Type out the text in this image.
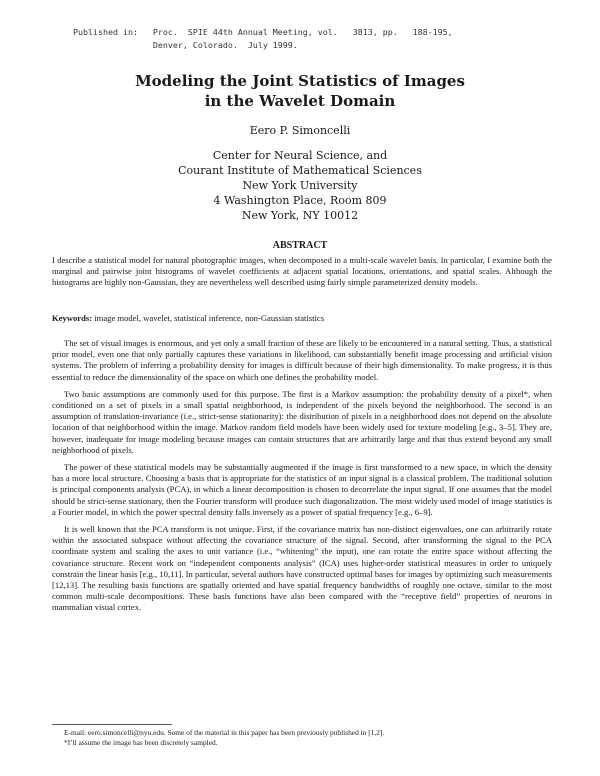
Published in:   Proc.  SPIE 44th Annual Meeting, vol.   3813, pp.   188-195,
Denver, Colorado.  July 1999.
Modeling the Joint Statistics of Images
in the Wavelet Domain
Eero P. Simoncelli
Center for Neural Science, and
Courant Institute of Mathematical Sciences
New York University
4 Washington Place, Room 809
New York, NY 10012
ABSTRACT

I describe a statistical model for natural photographic images, when decomposed in a multi-scale wavelet basis. In particular, I examine both the marginal and pairwise joint histograms of wavelet coefficients at adjacent spatial locations, orientations, and spatial scales. Although the histograms are highly non-Gaussian, they are nevertheless well described using fairly simple parameterized density models.

Keywords: image model, wavelet, statistical inference, non-Gaussian statistics

The set of visual images is enormous, and yet only a small fraction of these are likely to be encountered in a natural setting. Thus, a statistical prior model, even one that only partially captures these variations in likelihood, can substantially benefit image processing and artificial vision systems. The problem of inferring a probability density for images is difficult because of their high dimensionality. To make progress, it is thus essential to reduce the dimensionality of the space on which one defines the probability model.

Two basic assumptions are commonly used for this purpose. The first is a Markov assumption: the probability density of a pixel*, when conditioned on a set of pixels in a small spatial neighborhood, is independent of the pixels beyond the neighborhood. The second is an assumption of translation-invariance (i.e., strict-sense stationarity): the distribution of pixels in a neighborhood does not depend on the absolute location of that neighborhood within the image. Markov random field models have been widely used for texture modeling [e.g., 3–5]. They are, however, inadequate for image modeling because images can contain structures that are arbitrarily large and that thus extend beyond any small neighborhood of pixels.

The power of these statistical models may be substantially augmented if the image is first transformed to a new space, in which the density has a more local structure. Choosing a basis that is appropriate for the statistics of an input signal is a classical problem. The traditional solution is principal components analysis (PCA), in which a linear decomposition is chosen to decorrelate the input signal. If one assumes that the model should be strict-sense stationary, then the Fourier transform will produce such diagonalization. The most widely used model of image statistics is a Fourier model, in which the power spectral density falls inversely as a power of spatial frequency [e.g., 6–9].

It is well known that the PCA transform is not unique. First, if the covariance matrix has non-distinct eigenvalues, one can arbitrarily rotate within the associated subspace without affecting the covariance structure of the signal. Second, after transforming the signal to the PCA coordinate system and scaling the axes to unit variance (i.e., “whitening” the input), one can rotate the entire space without affecting the covariance structure. Recent work on “independent components analysis” (ICA) uses higher-order statistical measures in order to uniquely constrain the linear basis [e.g., 10,11]. In particular, several authors have constructed optimal bases for images by optimizing such measurements [12,13]. The resulting basis functions are spatially oriented and have spatial frequency bandwidths of roughly one octave, similar to the most common multi-scale decompositions. These basis functions have also been compared with the “receptive field” properties of neurons in mammalian visual cortex.

E-mail: eero.simoncelli@nyu.edu. Some of the material in this paper has been previously published in [1,2].
*I’ll assume the image has been discretely sampled.
